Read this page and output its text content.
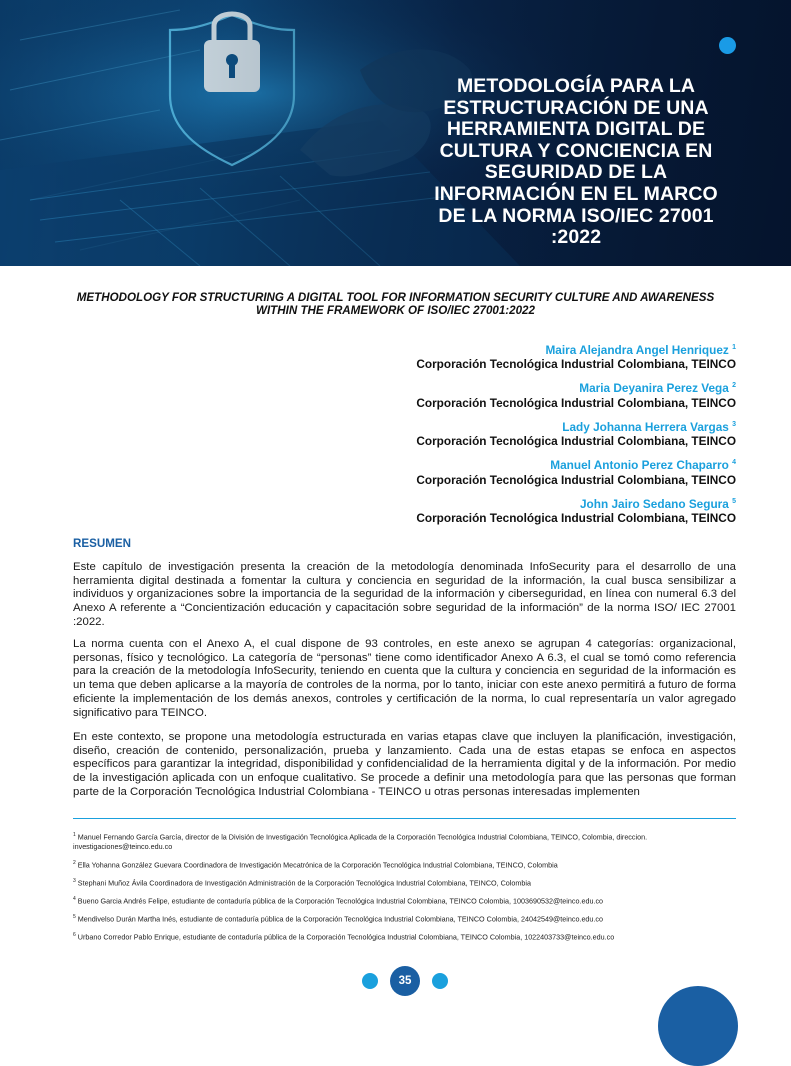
METODOLOGÍA PARA LA ESTRUCTURACIÓN DE UNA HERRAMIENTA DIGITAL DE CULTURA Y CONCIENCIA EN SEGURIDAD DE LA INFORMACIÓN EN EL MARCO DE LA NORMA ISO/IEC 27001 :2022
METHODOLOGY FOR STRUCTURING A DIGITAL TOOL FOR INFORMATION SECURITY CULTURE AND AWARENESS WITHIN THE FRAMEWORK OF ISO/IEC 27001:2022
Maira Alejandra Angel Henriquez $^1$
Corporación Tecnológica Industrial Colombiana, TEINCO
Maria Deyanira Perez Vega $^2$
Corporación Tecnológica Industrial Colombiana, TEINCO
Lady Johanna Herrera Vargas $^3$
Corporación Tecnológica Industrial Colombiana, TEINCO
Manuel Antonio Perez Chaparro $^4$
Corporación Tecnológica Industrial Colombiana, TEINCO
John Jairo Sedano Segura $^5$
Corporación Tecnológica Industrial Colombiana, TEINCO
RESUMEN

Este capítulo de investigación presenta la creación de la metodología denominada InfoSecurity para el desarrollo de una herramienta digital destinada a fomentar la cultura y conciencia en seguridad de la información, la cual busca sensibilizar a individuos y organizaciones sobre la importancia de la seguridad de la información y ciberseguridad, en línea con numeral 6.3 del Anexo A referente a “Concientización educación y capacitación sobre seguridad de la información” de la norma ISO/ IEC 27001 :2022.

La norma cuenta con el Anexo A, el cual dispone de 93 controles, en este anexo se agrupan 4 categorías: organizacional, personas, físico y tecnológico. La categoría de “personas” tiene como identificador Anexo A 6.3, el cual se tomó como referencia para la creación de la metodología InfoSecurity, teniendo en cuenta que la cultura y conciencia en seguridad de la información es un tema que deben aplicarse a la mayoría de controles de la norma, por lo tanto, iniciar con este anexo permitirá a futuro de forma eficiente la implementación de los demás anexos, controles y certificación de la norma, lo cual representaría un valor agregado significativo para TEINCO.

En este contexto, se propone una metodología estructurada en varias etapas clave que incluyen la planificación, investigación, diseño, creación de contenido, personalización, prueba y lanzamiento. Cada una de estas etapas se enfoca en aspectos específicos para garantizar la integridad, disponibilidad y confidencialidad de la herramienta digital y de la información. Por medio de la investigación aplicada con un enfoque cualitativo. Se procede a definir una metodología para que las personas que forman parte de la Corporación Tecnológica Industrial Colombiana - TEINCO u otras personas interesadas implementen

$^1$ Manuel Fernando García García, director de la División de Investigación Tecnológica Aplicada de la Corporación Tecnológica Industrial Colombiana, TEINCO, Colombia, direccion. investigaciones@teinco.edu.co

$^2$ Ella Yohanna González Guevara Coordinadora de Investigación Mecatrónica de la Corporación Tecnológica Industrial Colombiana, TEINCO, Colombia

$^3$ Stephani Muñoz Ávila Coordinadora de Investigación Administración de la Corporación Tecnológica Industrial Colombiana, TEINCO, Colombia

$^4$ Bueno Garcia Andrés Felipe, estudiante de contaduría pública de la Corporación Tecnológica Industrial Colombiana, TEINCO Colombia, 1003690532@teinco.edu.co

$^5$ Mendivelso Durán Martha Inés, estudiante de contaduría pública de la Corporación Tecnológica Industrial Colombiana, TEINCO Colombia, 24042549@teinco.edu.co

$^6$ Urbano Corredor Pablo Enrique, estudiante de contaduría pública de la Corporación Tecnológica Industrial Colombiana, TEINCO Colombia, 1022403733@teinco.edu.co

35
